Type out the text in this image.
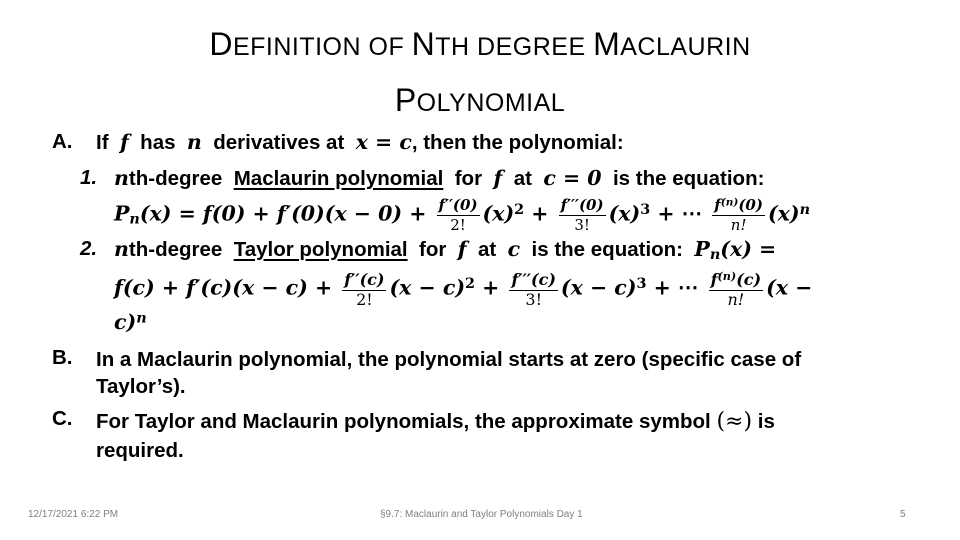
DEFINITION OF NTH DEGREE MACLAURIN
POLYNOMIAL
A. If f has n derivatives at x = c, then the polynomial:
1. nth-degree Maclaurin polynomial for f at c = 0 is the equation:
$P_n(x) = f(0) + f'(0)(x - 0) + \frac{f''(0)}{2!} (x)^2 + \frac{f'''(0)}{3!} (x)^3$ + ⋯ $\frac{f^{(n)}(0)}{n!} (x)^n$
2. nth-degree Taylor polynomial for f at c is the equation: $P_n(x)$ =
$f(c) + f'(c)(x - c) + \frac{f''(c)}{2!} (x - c)^2 + \frac{f'''(c)}{3!} (x - c)^3$ + ⋯ $\frac{f^{(n)}(c)}{n!} (x$ −
c)$^n$
B. In a Maclaurin polynomial, the polynomial starts at zero (specific case of
Taylor’s).
C. For Taylor and Maclaurin polynomials, the approximate symbol (≈) is
required.
12/17/2021 6:22 PM	§9.7: Maclaurin and Taylor Polynomials Day 1	5
